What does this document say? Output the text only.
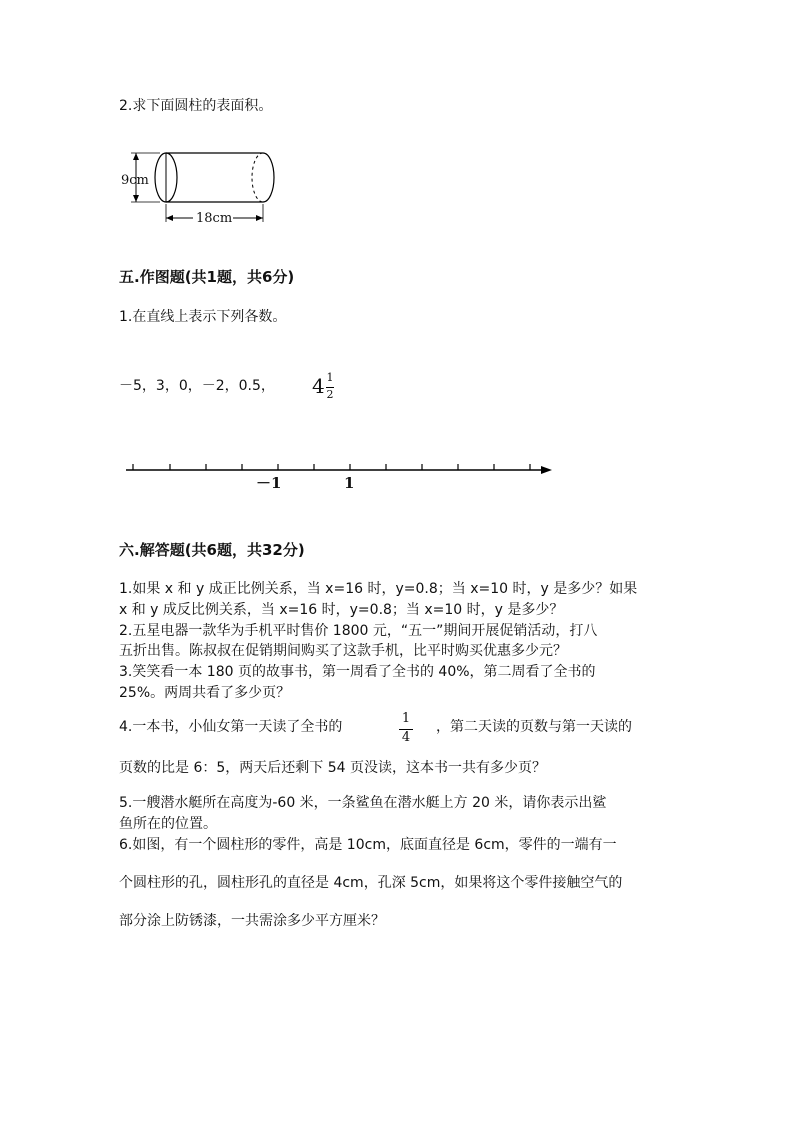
2.求下面圆柱的表面积。
9cm
18cm
五.作图题(共1题，共6分)
1.在直线上表示下列各数。
－5，3，0，－2，0.5， 4 1
2
－1	1
六.解答题(共6题，共32分)
1.如果 x 和 y 成正比例关系，当 x=16 时，y=0.8；当 x=10 时，y 是多少？如果
x 和 y 成反比例关系，当 x=16 时，y=0.8；当 x=10 时，y 是多少？
2.五星电器一款华为手机平时售价 1800 元，“五一”期间开展促销活动，打八
五折出售。陈叔叔在促销期间购买了这款手机，比平时购买优惠多少元？
3.笑笑看一本 180 页的故事书，第一周看了全书的 40%，第二周看了全书的
25%。两周共看了多少页？
4.一本书，小仙女第一天读了全书的
1
4
，第二天读的页数与第一天读的
页数的比是 6：5，两天后还剩下 54 页没读，这本书一共有多少页？
5.一艘潜水艇所在高度为-60 米，一条鲨鱼在潜水艇上方 20 米，请你表示出鲨
鱼所在的位置。
6.如图，有一个圆柱形的零件，高是 10cm，底面直径是 6cm，零件的一端有一
个圆柱形的孔，圆柱形孔的直径是 4cm，孔深 5cm，如果将这个零件接触空气的
部分涂上防锈漆，一共需涂多少平方厘米？
